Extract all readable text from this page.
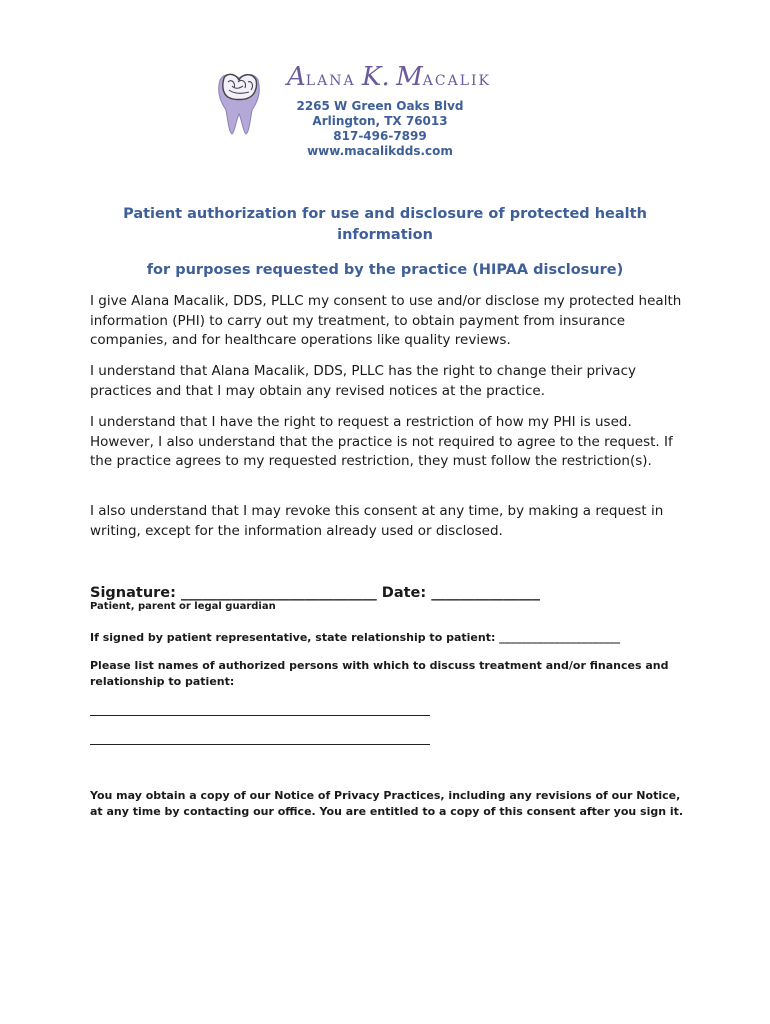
ALANA K. MACALIK
2265 W Green Oaks Blvd
Arlington, TX 76013
817-496-7899
www.macalikdds.com
Patient authorization for use and disclosure of protected health information
for purposes requested by the practice (HIPAA disclosure)
I give Alana Macalik, DDS, PLLC my consent to use and/or disclose my protected health information (PHI) to carry out my treatment, to obtain payment from insurance companies, and for healthcare operations like quality reviews.
I understand that Alana Macalik, DDS, PLLC has the right to change their privacy practices and that I may obtain any revised notices at the practice.
I understand that I have the right to request a restriction of how my PHI is used. However, I also understand that the practice is not required to agree to the request. If the practice agrees to my requested restriction, they must follow the restriction(s).
I also understand that I may revoke this consent at any time, by making a request in writing, except for the information already used or disclosed.
Signature: ___________________________ Date: _______________
Patient, parent or legal guardian
If signed by patient representative, state relationship to patient: ______________________
Please list names of authorized persons with which to discuss treatment and/or finances and relationship to patient:
You may obtain a copy of our Notice of Privacy Practices, including any revisions of our Notice, at any time by contacting our office. You are entitled to a copy of this consent after you sign it.
